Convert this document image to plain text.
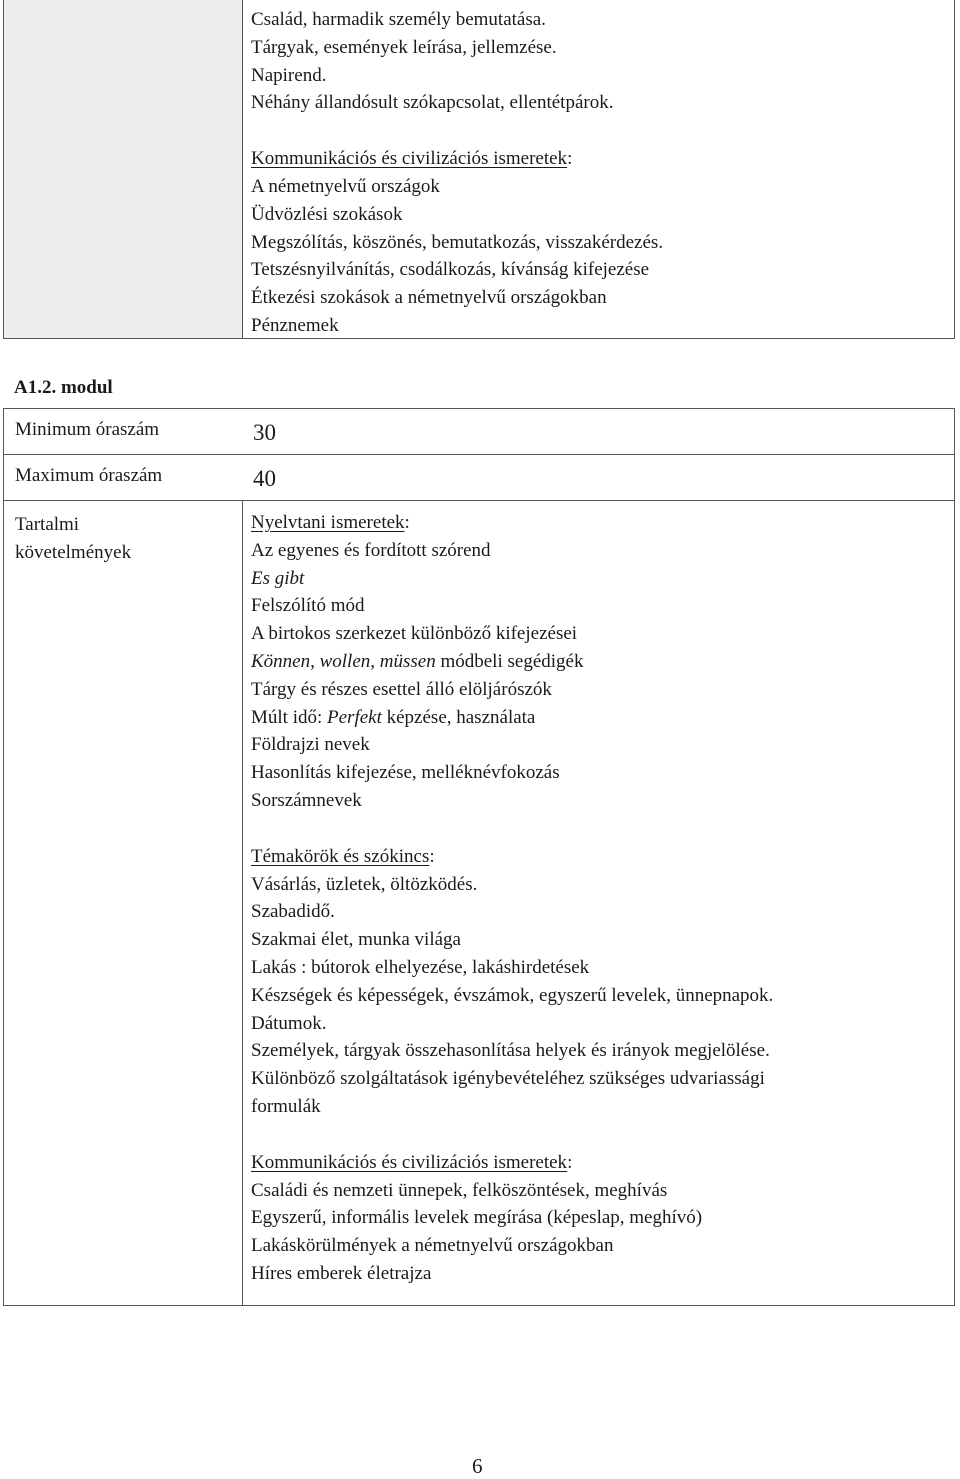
Család, harmadik személy bemutatása.
Tárgyak, események leírása, jellemzése.
Napirend.
Néhány állandósult szókapcsolat, ellentétpárok.
Kommunikációs és civilizációs ismeretek:
A németnyelvű országok
Üdvözlési szokások
Megszólítás, köszönés, bemutatkozás, visszakérdezés.
Tetszésnyilvánítás, csodálkozás, kívánság kifejezése
Étkezési szokások a németnyelvű országokban
Pénznemek
A1.2. modul
Minimum óraszám	30
Maximum óraszám	40
Tartalmi
követelmények
Nyelvtani ismeretek:
Az egyenes és fordított szórend
Es gibt
Felszólító mód
A birtokos szerkezet különböző kifejezései
Können, wollen, müssen módbeli segédigék
Tárgy és részes esettel álló elöljárószók
Múlt idő: Perfekt képzése, használata
Földrajzi nevek
Hasonlítás kifejezése, melléknévfokozás
Sorszámnevek
Témakörök és szókincs:
Vásárlás, üzletek, öltözködés.
Szabadidő.
Szakmai élet, munka világa
Lakás : bútorok elhelyezése, lakáshirdetések
Készségek és képességek, évszámok, egyszerű levelek, ünnepnapok.
Dátumok.
Személyek, tárgyak összehasonlítása helyek és irányok megjelölése.
Különböző szolgáltatások igénybevételéhez szükséges udvariassági
formulák
Kommunikációs és civilizációs ismeretek:
Családi és nemzeti ünnepek, felköszöntések, meghívás
Egyszerű, informális levelek megírása (képeslap, meghívó)
Lakáskörülmények a németnyelvű országokban
Híres emberek életrajza
6
